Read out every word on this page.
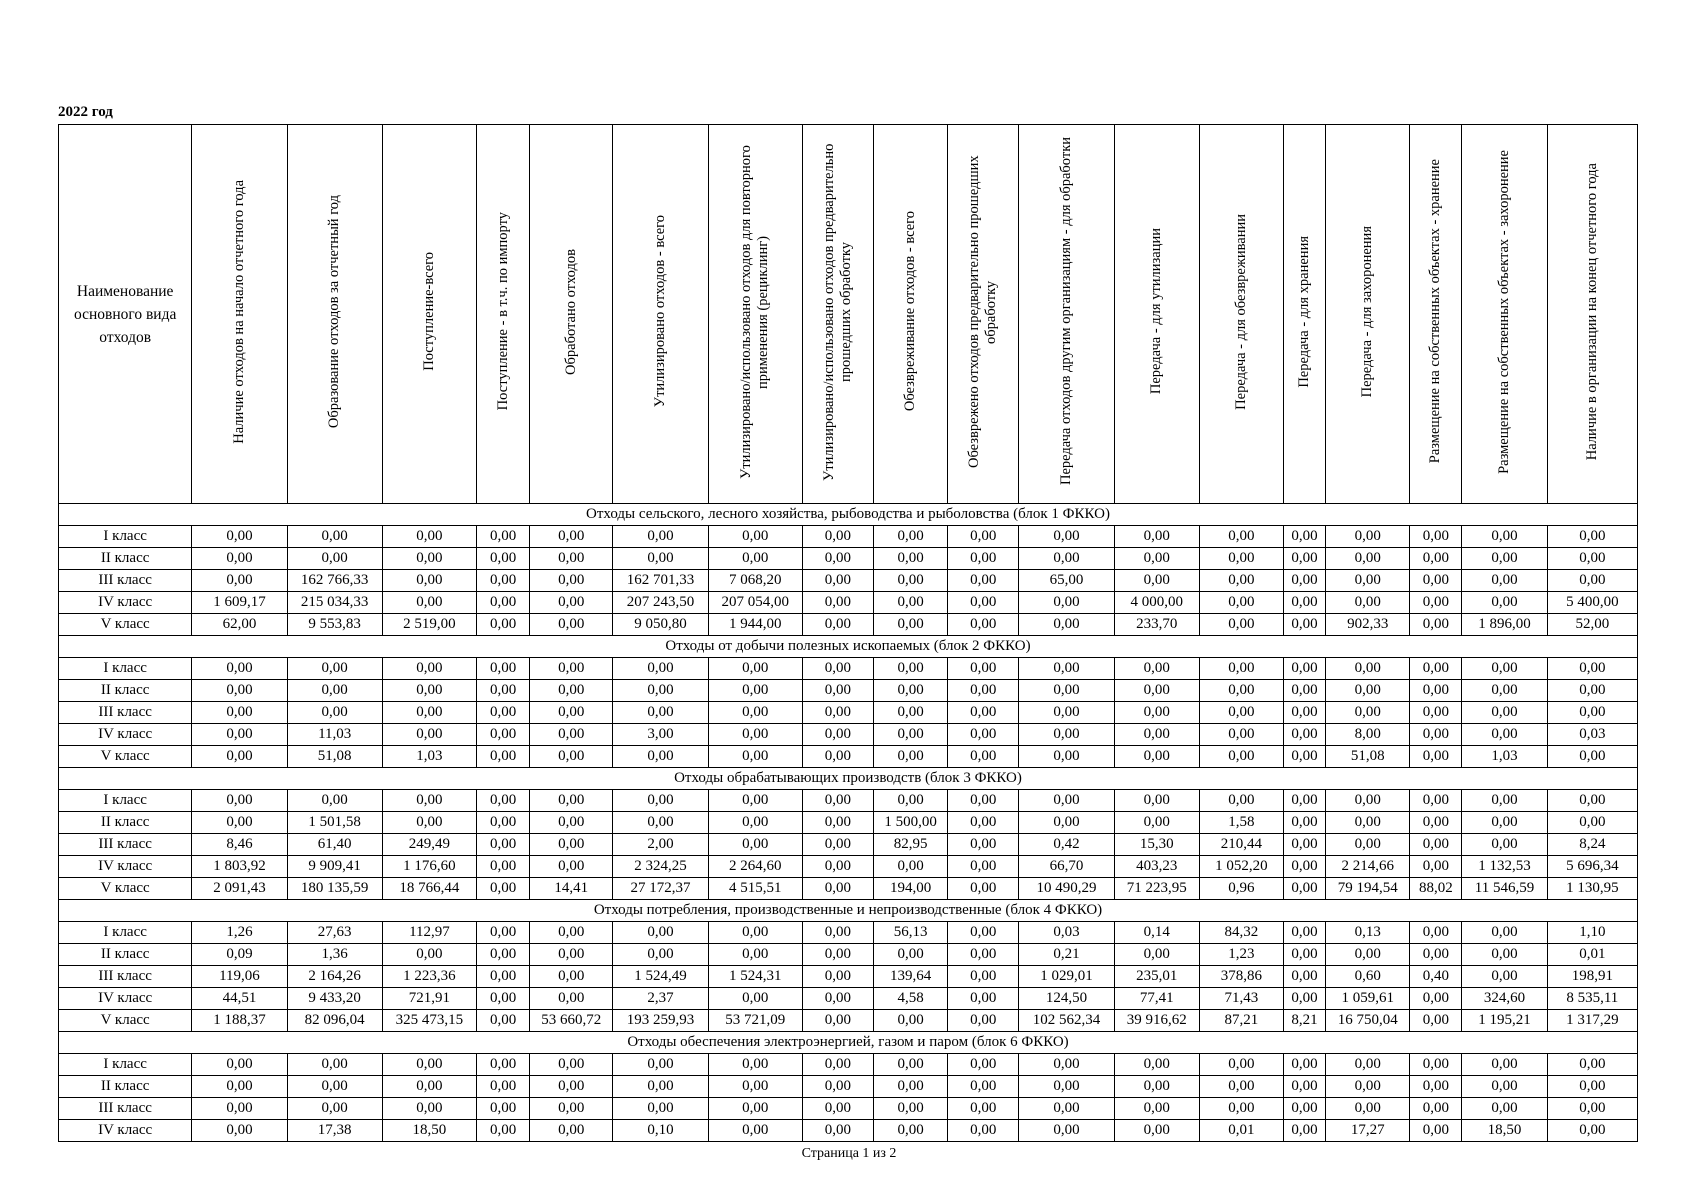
2022 год
Наименование основного вида отходов	Наличие отходов на начало отчетного года	Образование отходов за отчетный год	Поступление-всего	Поступление - в т.ч. по импорту	Обработано отходов	Утилизировано отходов - всего	Утилизировано/использовано отходов для повторного применения (рециклинг)	Утилизировано/использовано отходов предварительно прошедших обработку	Обезвреживание отходов - всего	Обезврежено отходов предварительно прошедших обработку	Передача отходов другим организациям - для обработки	Передача - для утилизации	Передача - для обезвреживании	Передача - для хранения	Передача - для захоронения	Размещение на собственных объектах - хранение	Размещение на собственных объектах - захоронение	Наличие в организации на конец отчетного года
Отходы сельского, лесного хозяйства, рыбоводства и рыболовства (блок 1 ФККО)																		
I класс	0,00	0,00	0,00	0,00	0,00	0,00	0,00	0,00	0,00	0,00	0,00	0,00	0,00	0,00	0,00	0,00	0,00	0,00
II класс	0,00	0,00	0,00	0,00	0,00	0,00	0,00	0,00	0,00	0,00	0,00	0,00	0,00	0,00	0,00	0,00	0,00	0,00
III класс	0,00	162 766,33	0,00	0,00	0,00	162 701,33	7 068,20	0,00	0,00	0,00	65,00	0,00	0,00	0,00	0,00	0,00	0,00	0,00
IV класс	1 609,17	215 034,33	0,00	0,00	0,00	207 243,50	207 054,00	0,00	0,00	0,00	0,00	4 000,00	0,00	0,00	0,00	0,00	0,00	5 400,00
V класс	62,00	9 553,83	2 519,00	0,00	0,00	9 050,80	1 944,00	0,00	0,00	0,00	0,00	233,70	0,00	0,00	902,33	0,00	1 896,00	52,00
Отходы от добычи полезных ископаемых (блок 2 ФККО)																		
I класс	0,00	0,00	0,00	0,00	0,00	0,00	0,00	0,00	0,00	0,00	0,00	0,00	0,00	0,00	0,00	0,00	0,00	0,00
II класс	0,00	0,00	0,00	0,00	0,00	0,00	0,00	0,00	0,00	0,00	0,00	0,00	0,00	0,00	0,00	0,00	0,00	0,00
III класс	0,00	0,00	0,00	0,00	0,00	0,00	0,00	0,00	0,00	0,00	0,00	0,00	0,00	0,00	0,00	0,00	0,00	0,00
IV класс	0,00	11,03	0,00	0,00	0,00	3,00	0,00	0,00	0,00	0,00	0,00	0,00	0,00	0,00	8,00	0,00	0,00	0,03
V класс	0,00	51,08	1,03	0,00	0,00	0,00	0,00	0,00	0,00	0,00	0,00	0,00	0,00	0,00	51,08	0,00	1,03	0,00
Отходы обрабатывающих производств (блок 3 ФККО)																		
I класс	0,00	0,00	0,00	0,00	0,00	0,00	0,00	0,00	0,00	0,00	0,00	0,00	0,00	0,00	0,00	0,00	0,00	0,00
II класс	0,00	1 501,58	0,00	0,00	0,00	0,00	0,00	0,00	1 500,00	0,00	0,00	0,00	1,58	0,00	0,00	0,00	0,00	0,00
III класс	8,46	61,40	249,49	0,00	0,00	2,00	0,00	0,00	82,95	0,00	0,42	15,30	210,44	0,00	0,00	0,00	0,00	8,24
IV класс	1 803,92	9 909,41	1 176,60	0,00	0,00	2 324,25	2 264,60	0,00	0,00	0,00	66,70	403,23	1 052,20	0,00	2 214,66	0,00	1 132,53	5 696,34
V класс	2 091,43	180 135,59	18 766,44	0,00	14,41	27 172,37	4 515,51	0,00	194,00	0,00	10 490,29	71 223,95	0,96	0,00	79 194,54	88,02	11 546,59	1 130,95
Отходы потребления, производственные и непроизводственные (блок 4 ФККО)																		
I класс	1,26	27,63	112,97	0,00	0,00	0,00	0,00	0,00	56,13	0,00	0,03	0,14	84,32	0,00	0,13	0,00	0,00	1,10
II класс	0,09	1,36	0,00	0,00	0,00	0,00	0,00	0,00	0,00	0,00	0,21	0,00	1,23	0,00	0,00	0,00	0,00	0,01
III класс	119,06	2 164,26	1 223,36	0,00	0,00	1 524,49	1 524,31	0,00	139,64	0,00	1 029,01	235,01	378,86	0,00	0,60	0,40	0,00	198,91
IV класс	44,51	9 433,20	721,91	0,00	0,00	2,37	0,00	0,00	4,58	0,00	124,50	77,41	71,43	0,00	1 059,61	0,00	324,60	8 535,11
V класс	1 188,37	82 096,04	325 473,15	0,00	53 660,72	193 259,93	53 721,09	0,00	0,00	0,00	102 562,34	39 916,62	87,21	8,21	16 750,04	0,00	1 195,21	1 317,29
Отходы обеспечения электроэнергией, газом и паром (блок 6 ФККО)																		
I класс	0,00	0,00	0,00	0,00	0,00	0,00	0,00	0,00	0,00	0,00	0,00	0,00	0,00	0,00	0,00	0,00	0,00	0,00
II класс	0,00	0,00	0,00	0,00	0,00	0,00	0,00	0,00	0,00	0,00	0,00	0,00	0,00	0,00	0,00	0,00	0,00	0,00
III класс	0,00	0,00	0,00	0,00	0,00	0,00	0,00	0,00	0,00	0,00	0,00	0,00	0,00	0,00	0,00	0,00	0,00	0,00
IV класс	0,00	17,38	18,50	0,00	0,00	0,10	0,00	0,00	0,00	0,00	0,00	0,00	0,01	0,00	17,27	0,00	18,50	0,00
Страница 1 из 2
